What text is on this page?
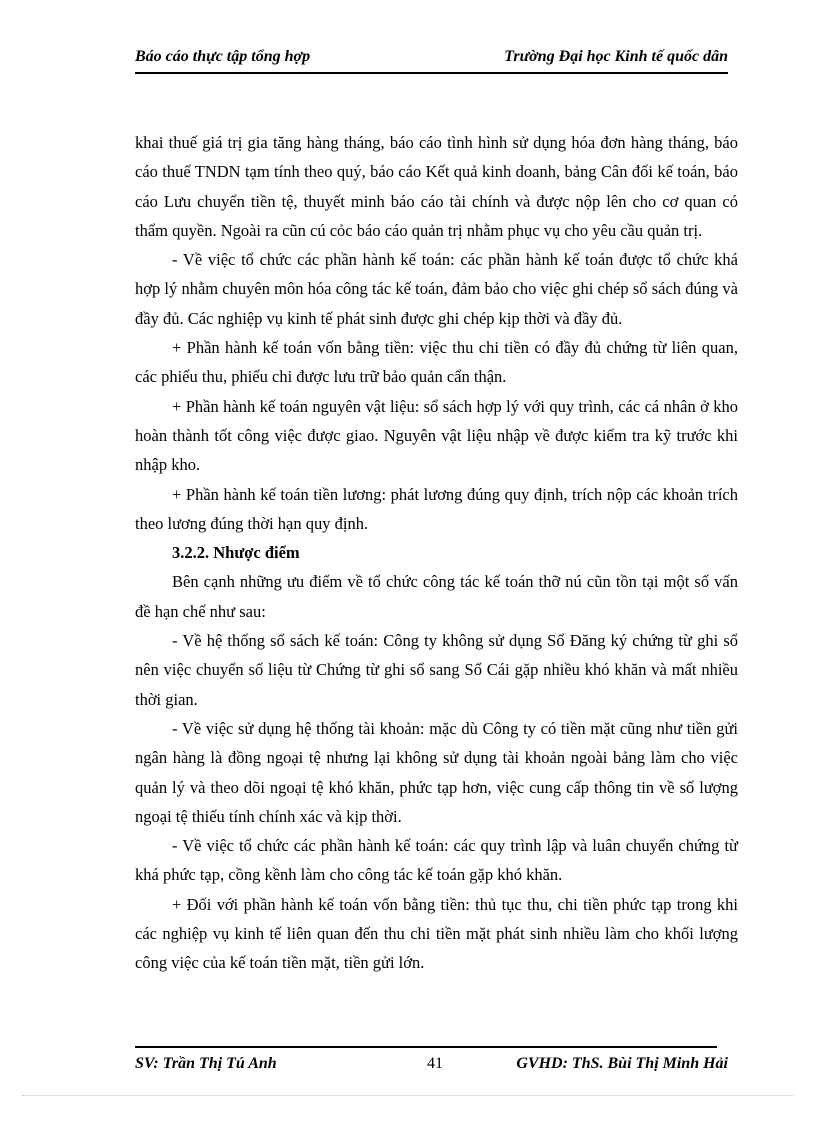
Báo cáo thực tập tổng hợp	Trường Đại học Kinh tế quốc dân

khai thuế giá trị gia tăng hàng tháng, báo cáo tình hình sử dụng hóa đơn hàng tháng, báo cáo thuế TNDN tạm tính theo quý, báo cáo Kết quả kinh doanh, bảng Cân đối kế toán, báo cáo Lưu chuyển tiền tệ, thuyết minh báo cáo tài chính và được nộp lên cho cơ quan có thẩm quyền. Ngoài ra cũn cú cỏc báo cáo quản trị nhằm phục vụ cho yêu cầu quản trị.

- Về việc tổ chức các phần hành kế toán: các phần hành kế toán được tổ chức khá hợp lý nhằm chuyên môn hóa công tác kế toán, đảm bảo cho việc ghi chép sổ sách đúng và đầy đủ. Các nghiệp vụ kinh tế phát sinh được ghi chép kịp thời và đầy đủ.

+ Phần hành kế toán vốn bằng tiền: việc thu chi tiền có đầy đủ chứng từ liên quan, các phiếu thu, phiếu chi được lưu trữ bảo quản cẩn thận.

+ Phần hành kế toán nguyên vật liệu: sổ sách hợp lý với quy trình, các cá nhân ở kho hoàn thành tốt công việc được giao. Nguyên vật liệu nhập về được kiểm tra kỹ trước khi nhập kho.

+ Phần hành kế toán tiền lương: phát lương đúng quy định, trích nộp các khoản trích theo lương đúng thời hạn quy định.

3.2.2. Nhược điểm

Bên cạnh những ưu điểm về tổ chức công tác kế toán thỡ nú cũn tồn tại một số vấn đề hạn chế như sau:

- Về hệ thống sổ sách kế toán: Công ty không sử dụng Sổ Đăng ký chứng từ ghi sổ nên việc chuyển số liệu từ Chứng từ ghi sổ sang Sổ Cái gặp nhiều khó khăn và mất nhiều thời gian.

- Về việc sử dụng hệ thống tài khoản: mặc dù Công ty có tiền mặt cũng như tiền gửi ngân hàng là đồng ngoại tệ nhưng lại không sử dụng tài khoản ngoài bảng làm cho việc quản lý và theo dõi ngoại tệ khó khăn, phức tạp hơn, việc cung cấp thông tin về số lượng ngoại tệ thiếu tính chính xác và kịp thời.

- Về việc tổ chức các phần hành kế toán: các quy trình lập và luân chuyển chứng từ khá phức tạp, cồng kềnh làm cho công tác kế toán gặp khó khăn.

+ Đối với phần hành kế toán vốn bằng tiền: thủ tục thu, chi tiền phức tạp trong khi các nghiệp vụ kinh tế liên quan đến thu chi tiền mặt phát sinh nhiều làm cho khối lượng công việc của kế toán tiền mặt, tiền gửi lớn.

SV: Trần Thị Tú Anh	41	GVHD: ThS. Bùi Thị Minh Hải
